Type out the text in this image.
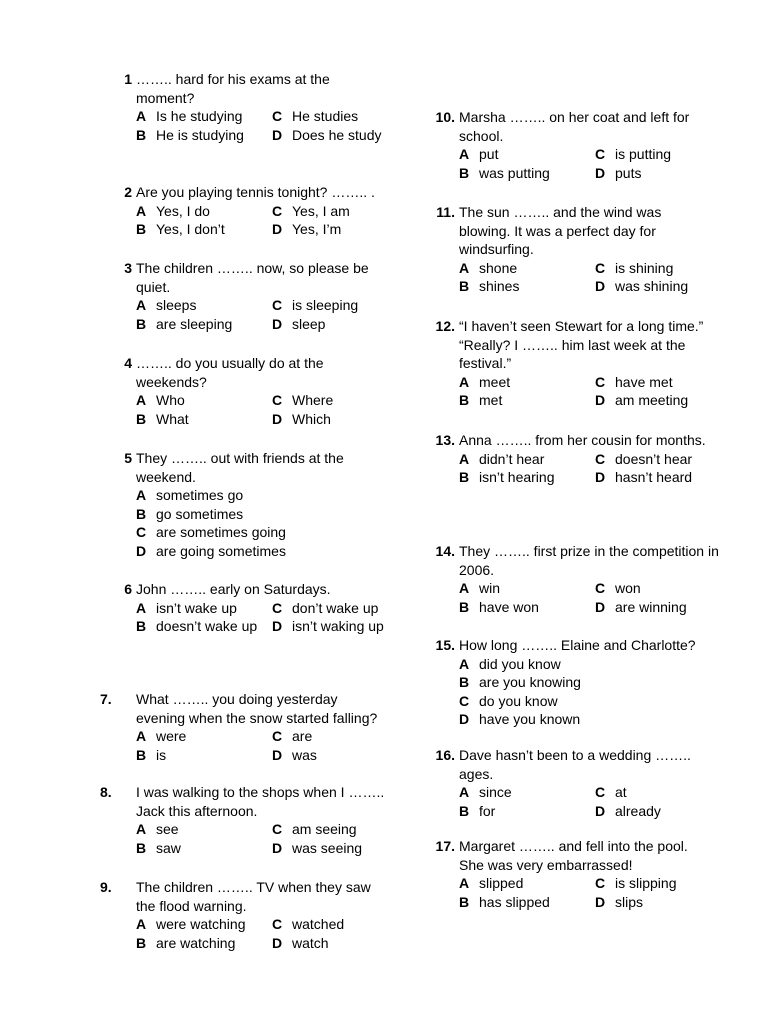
1 …….. hard for his exams at the moment?
A Is he studying	C He studies
B He is studying	D Does he study
2 Are you playing tennis tonight? …….. .
A Yes, I do	C Yes, I am
B Yes, I don’t	D Yes, I’m
3 The children …….. now, so please be quiet.
A sleeps	C is sleeping
B are sleeping	D sleep
4 …….. do you usually do at the weekends?
A Who	C Where
B What	D Which
5 They …….. out with friends at the weekend.
A sometimes go
B go sometimes
C are sometimes going
D are going sometimes
6 John …….. early on Saturdays.
A isn’t wake up	C don’t wake up
B doesn’t wake up	D isn’t waking up
7. What …….. you doing yesterday evening when the snow started falling?
A were	C are
B is	D was
8. I was walking to the shops when I …….. Jack this afternoon.
A see	C am seeing
B saw	D was seeing
9. The children …….. TV when they saw the flood warning.
A were watching	C watched
B are watching	D watch
10. Marsha …….. on her coat and left for school.
A put	C is putting
B was putting	D puts
11. The sun …….. and the wind was blowing. It was a perfect day for windsurfing.
A shone	C is shining
B shines	D was shining
12. “I haven’t seen Stewart for a long time.” “Really? I …….. him last week at the festival.”
A meet	C have met
B met	D am meeting
13. Anna …….. from her cousin for months.
A didn’t hear	C doesn’t hear
B isn’t hearing	D hasn’t heard
14. They …….. first prize in the competition in 2006.
A win	C won
B have won	D are winning
15. How long …….. Elaine and Charlotte?
A did you know
B are you knowing
C do you know
D have you known
16. Dave hasn’t been to a wedding …….. ages.
A since	C at
B for	D already
17. Margaret …….. and fell into the pool. She was very embarrassed!
A slipped	C is slipping
B has slipped	D slips
